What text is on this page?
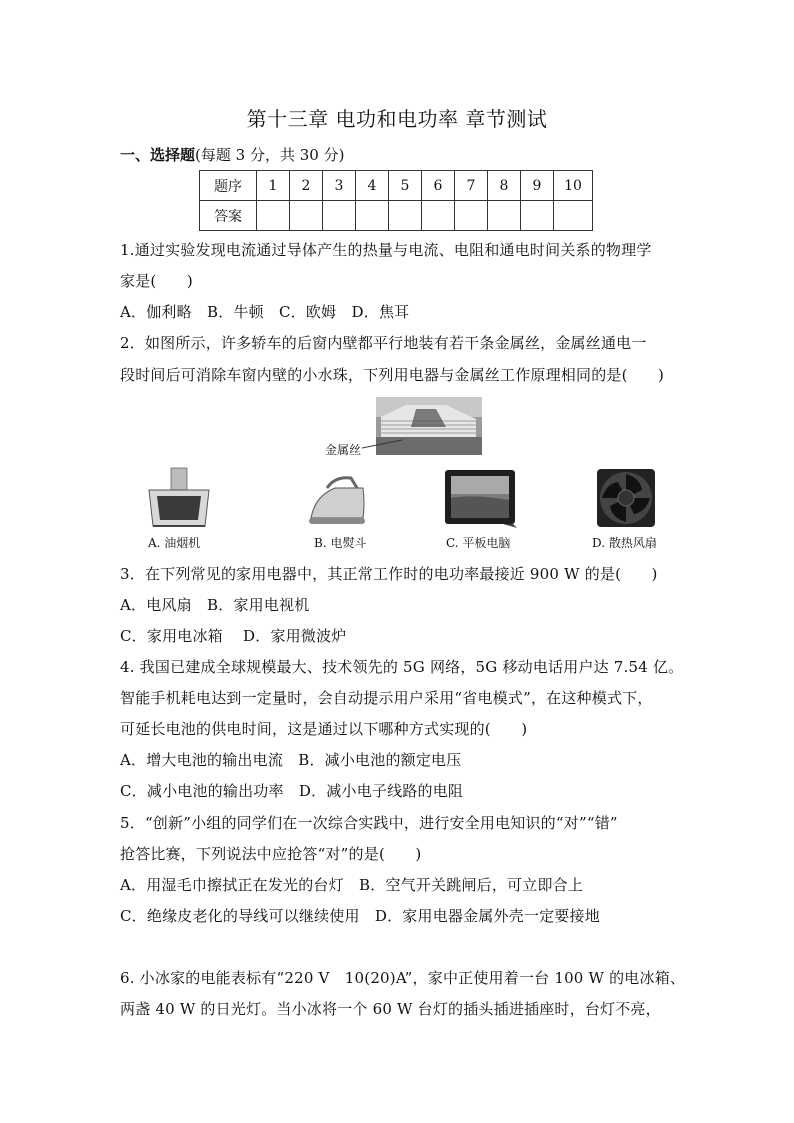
第十三章 电功和电功率 章节测试
一、选择题(每题 3 分，共 30 分)
题序	1	2	3	4	5	6	7	8	9	10
答案										
1.通过实验发现电流通过导体产生的热量与电流、电阻和通电时间关系的物理学
家是(　　)
A．伽利略　B．牛顿　C．欧姆　D．焦耳
2．如图所示，许多轿车的后窗内壁都平行地装有若干条金属丝，金属丝通电一
段时间后可消除车窗内壁的小水珠，下列用电器与金属丝工作原理相同的是(　　)
金属丝
A. 油烟机	B. 电熨斗	C. 平板电脑	D. 散热风扇
3．在下列常见的家用电器中，其正常工作时的电功率最接近 900 W 的是(　　)
A．电风扇　B．家用电视机
C．家用电冰箱　 D．家用微波炉
4. 我国已建成全球规模最大、技术领先的 5G 网络，5G 移动电话用户达 7.54 亿。
智能手机耗电达到一定量时，会自动提示用户采用“省电模式”，在这种模式下，
可延长电池的供电时间，这是通过以下哪种方式实现的(　　)
A．增大电池的输出电流　B．减小电池的额定电压
C．减小电池的输出功率　D．减小电子线路的电阻
5．“创新”小组的同学们在一次综合实践中，进行安全用电知识的“对”“错”
抢答比赛，下列说法中应抢答“对”的是(　　)
A．用湿毛巾擦拭正在发光的台灯　B．空气开关跳闸后，可立即合上
C．绝缘皮老化的导线可以继续使用　D．家用电器金属外壳一定要接地
6. 小冰家的电能表标有“220 V　10(20)A”，家中正使用着一台 100 W 的电冰箱、
两盏 40 W 的日光灯。当小冰将一个 60 W 台灯的插头插进插座时，台灯不亮，
